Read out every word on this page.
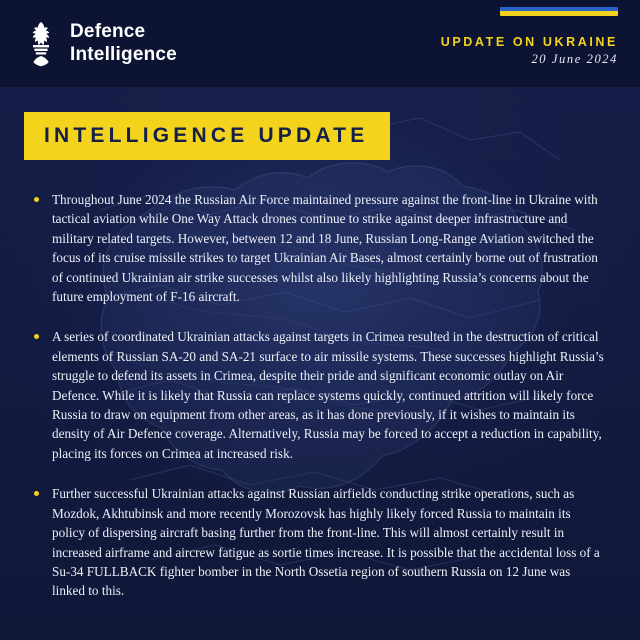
Defence
Intelligence
UPDATE ON UKRAINE
20 June 2024
INTELLIGENCE UPDATE
Throughout June 2024 the Russian Air Force maintained pressure against the front-line in Ukraine with tactical aviation while One Way Attack drones continue to strike against deeper infrastructure and military related targets. However, between 12 and 18 June, Russian Long-Range Aviation switched the focus of its cruise missile strikes to target Ukrainian Air Bases, almost certainly borne out of frustration of continued Ukrainian air strike successes whilst also likely highlighting Russia’s concerns about the future employment of F-16 aircraft.
A series of coordinated Ukrainian attacks against targets in Crimea resulted in the destruction of critical elements of Russian SA-20 and SA-21 surface to air missile systems. These successes highlight Russia’s struggle to defend its assets in Crimea, despite their pride and significant economic outlay on Air Defence. While it is likely that Russia can replace systems quickly, continued attrition will likely force Russia to draw on equipment from other areas, as it has done previously, if it wishes to maintain its density of Air Defence coverage. Alternatively, Russia may be forced to accept a reduction in capability, placing its forces on Crimea at increased risk.
Further successful Ukrainian attacks against Russian airfields conducting strike operations, such as Mozdok, Akhtubinsk and more recently Morozovsk has highly likely forced Russia to maintain its policy of dispersing aircraft basing further from the front-line. This will almost certainly result in increased airframe and aircrew fatigue as sortie times increase. It is possible that the accidental loss of a Su-34 FULLBACK fighter bomber in the North Ossetia region of southern Russia on 12 June was linked to this.
